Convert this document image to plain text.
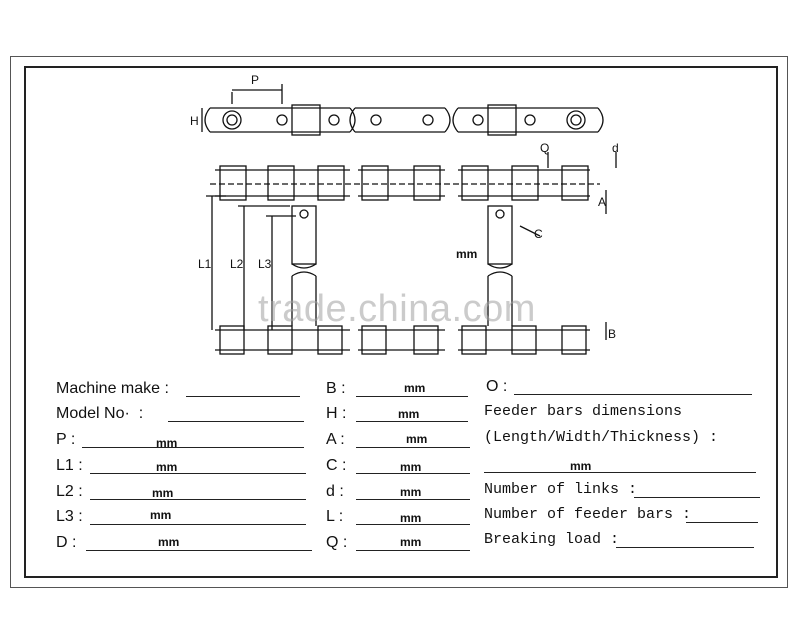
P
H
Q	d
A
L1 L2 L3
C
B
mm
trade.china.com
Machine make :
Model No·  :
P :	mm
L1 :	mm
L2 :	mm
L3 :	mm
D :	mm
B :	mm
H :	mm
A :	mm
C :	mm
d :	mm
L :	mm
Q :	mm
O :
Feeder bars dimensions
(Length/Width/Thickness) :
mm
Number of links :
Number of feeder bars :
Breaking load :
